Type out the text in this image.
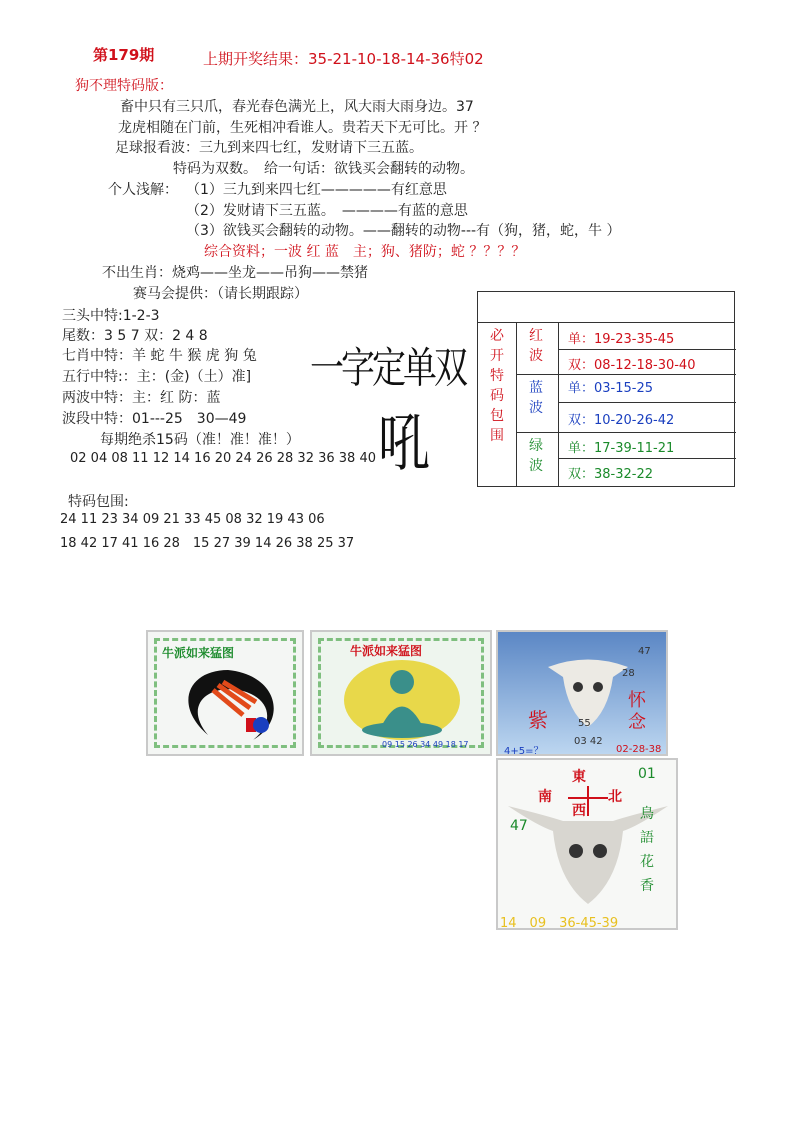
第179期	上期开奖结果：35-21-10-18-14-36特02
狗不理特码版：
畜中只有三只爪，春光春色满光上，风大雨大雨身边。37
龙虎相随在门前，生死相冲看谁人。贵若天下无可比。开 ？
足球报看波：三九到来四七红，发财请下三五蓝。
特码为双数。　给一句话：欲钱买会翻转的动物。
个人浅解： （1）三九到来四七红—————有红意思
（2）发财请下三五蓝。　————有蓝的意思
（3）欲钱买会翻转的动物。——翻转的动物---有（狗，猪，蛇，牛 ）
综合资料；一波 红 蓝　主；狗、猪防；蛇 ？？？？
不出生肖：烧鸡——坐龙——吊狗——禁猪
赛马会提供：（请长期跟踪）
三头中特:1-2-3
尾数：3 5 7 双：2 4 8
七肖中特：羊 蛇 牛 猴 虎 狗 兔
五行中特:：主：(金)（土）准]
两波中特：主：红 防：蓝
波段中特：01---25　30—49
每期绝杀15码（准！准！准！）
02 04 08 11 12 14 16 20 24 26 28 32 36 38 40
一字定单双
吼
必
开
特
码
包
围
红
波
单：19-23-35-45
双：08-12-18-30-40
蓝
波
单：03-15-25
双：10-20-26-42
绿
波
单：17-39-11-21
双：38-32-22
特码包围:
24 11 23 34 09 21 33 45 08 32 19 43 06
18 42 17 41 16 28　15 27 39 14 26 38 25 37
牛派如来猛图	牛派如来猛图
09 15 26 34 49 18 17
47
28
紫
怀念
55
03 42
02-28-38
4+5=？
東
南	北
西
01
47
鳥語花香
14　09　36-45-39
